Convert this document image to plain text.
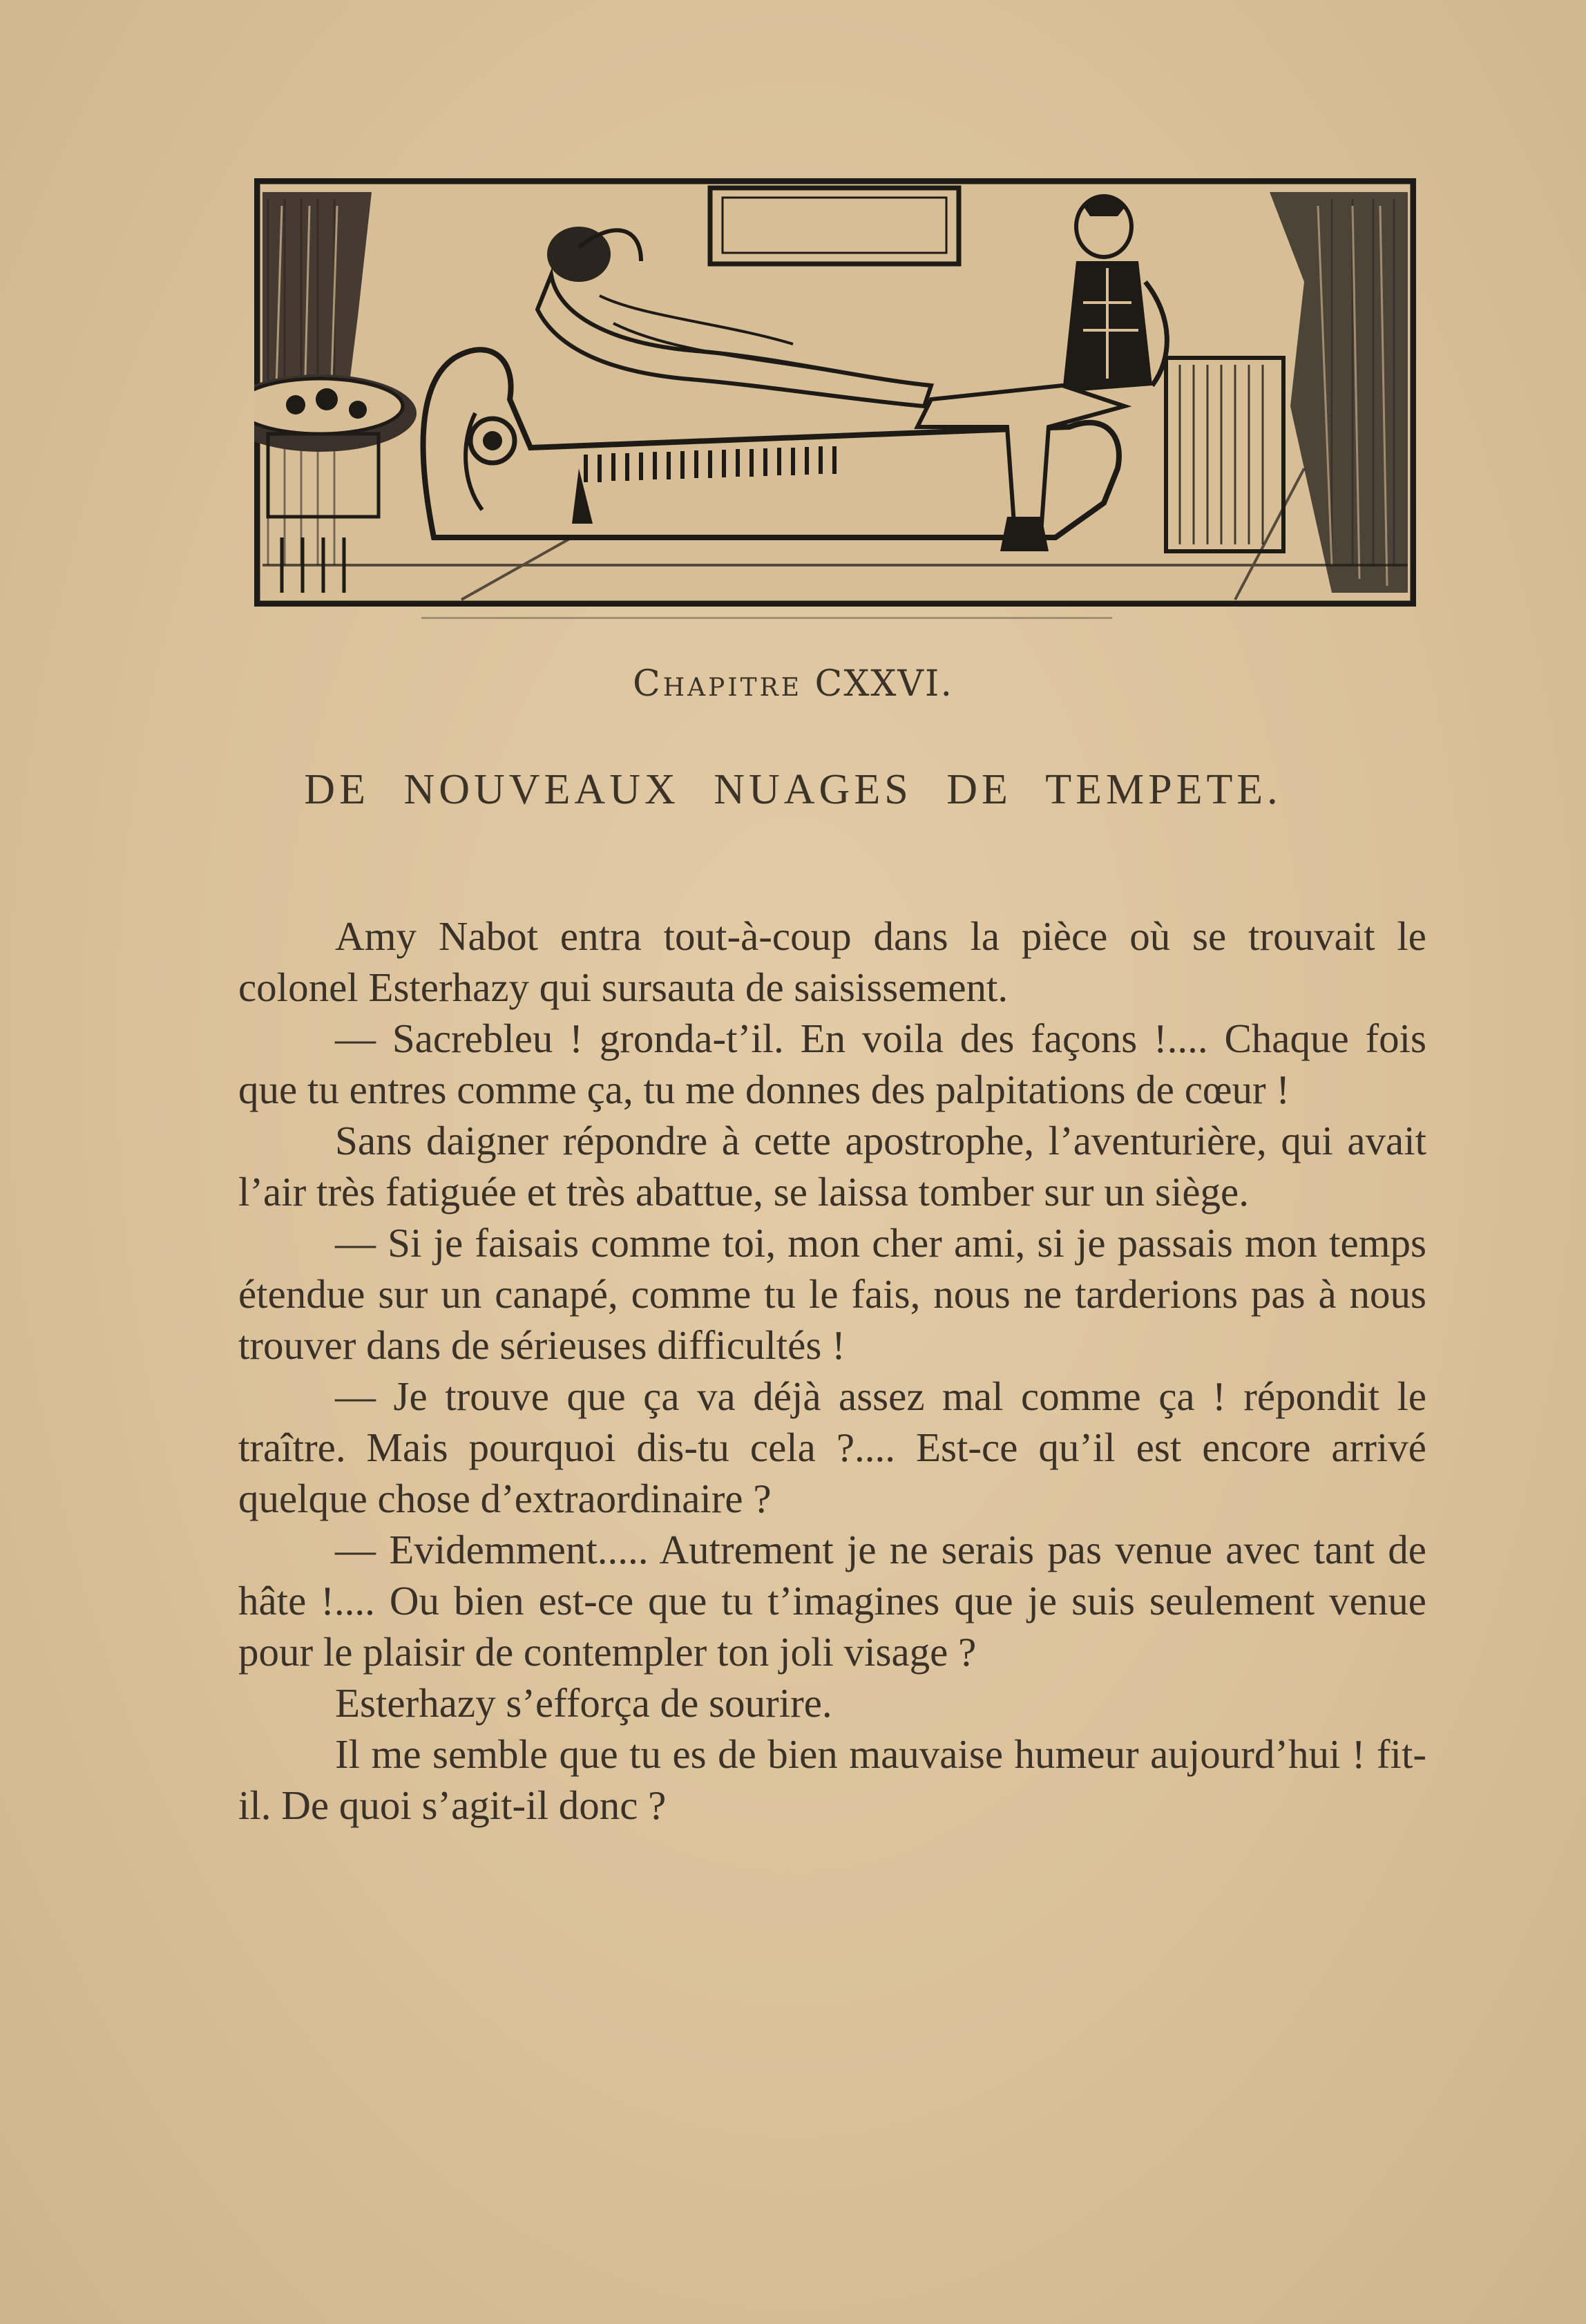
Chapitre CXXVI.
DE NOUVEAUX NUAGES DE TEMPETE.

Amy Nabot entra tout-à-coup dans la pièce où se trouvait le colonel Esterhazy qui sursauta de saisissement.

— Sacrebleu ! gronda-t’il. En voila des façons !.... Chaque fois que tu entres comme ça, tu me donnes des palpitations de cœur !

Sans daigner répondre à cette apostrophe, l’aventurière, qui avait l’air très fatiguée et très abattue, se laissa tomber sur un siège.

— Si je faisais comme toi, mon cher ami, si je passais mon temps étendue sur un canapé, comme tu le fais, nous ne tarderions pas à nous trouver dans de sérieuses difficultés !

— Je trouve que ça va déjà assez mal comme ça ! répondit le traître. Mais pourquoi dis-tu cela ?.... Est-ce qu’il est encore arrivé quelque chose d’extraordinaire ?

— Evidemment..... Autrement je ne serais pas venue avec tant de hâte !.... Ou bien est-ce que tu t’imagines que je suis seulement venue pour le plaisir de contempler ton joli visage ?

Esterhazy s’efforça de sourire.

Il me semble que tu es de bien mauvaise humeur aujourd’hui ! fit-il. De quoi s’agit-il donc ?
